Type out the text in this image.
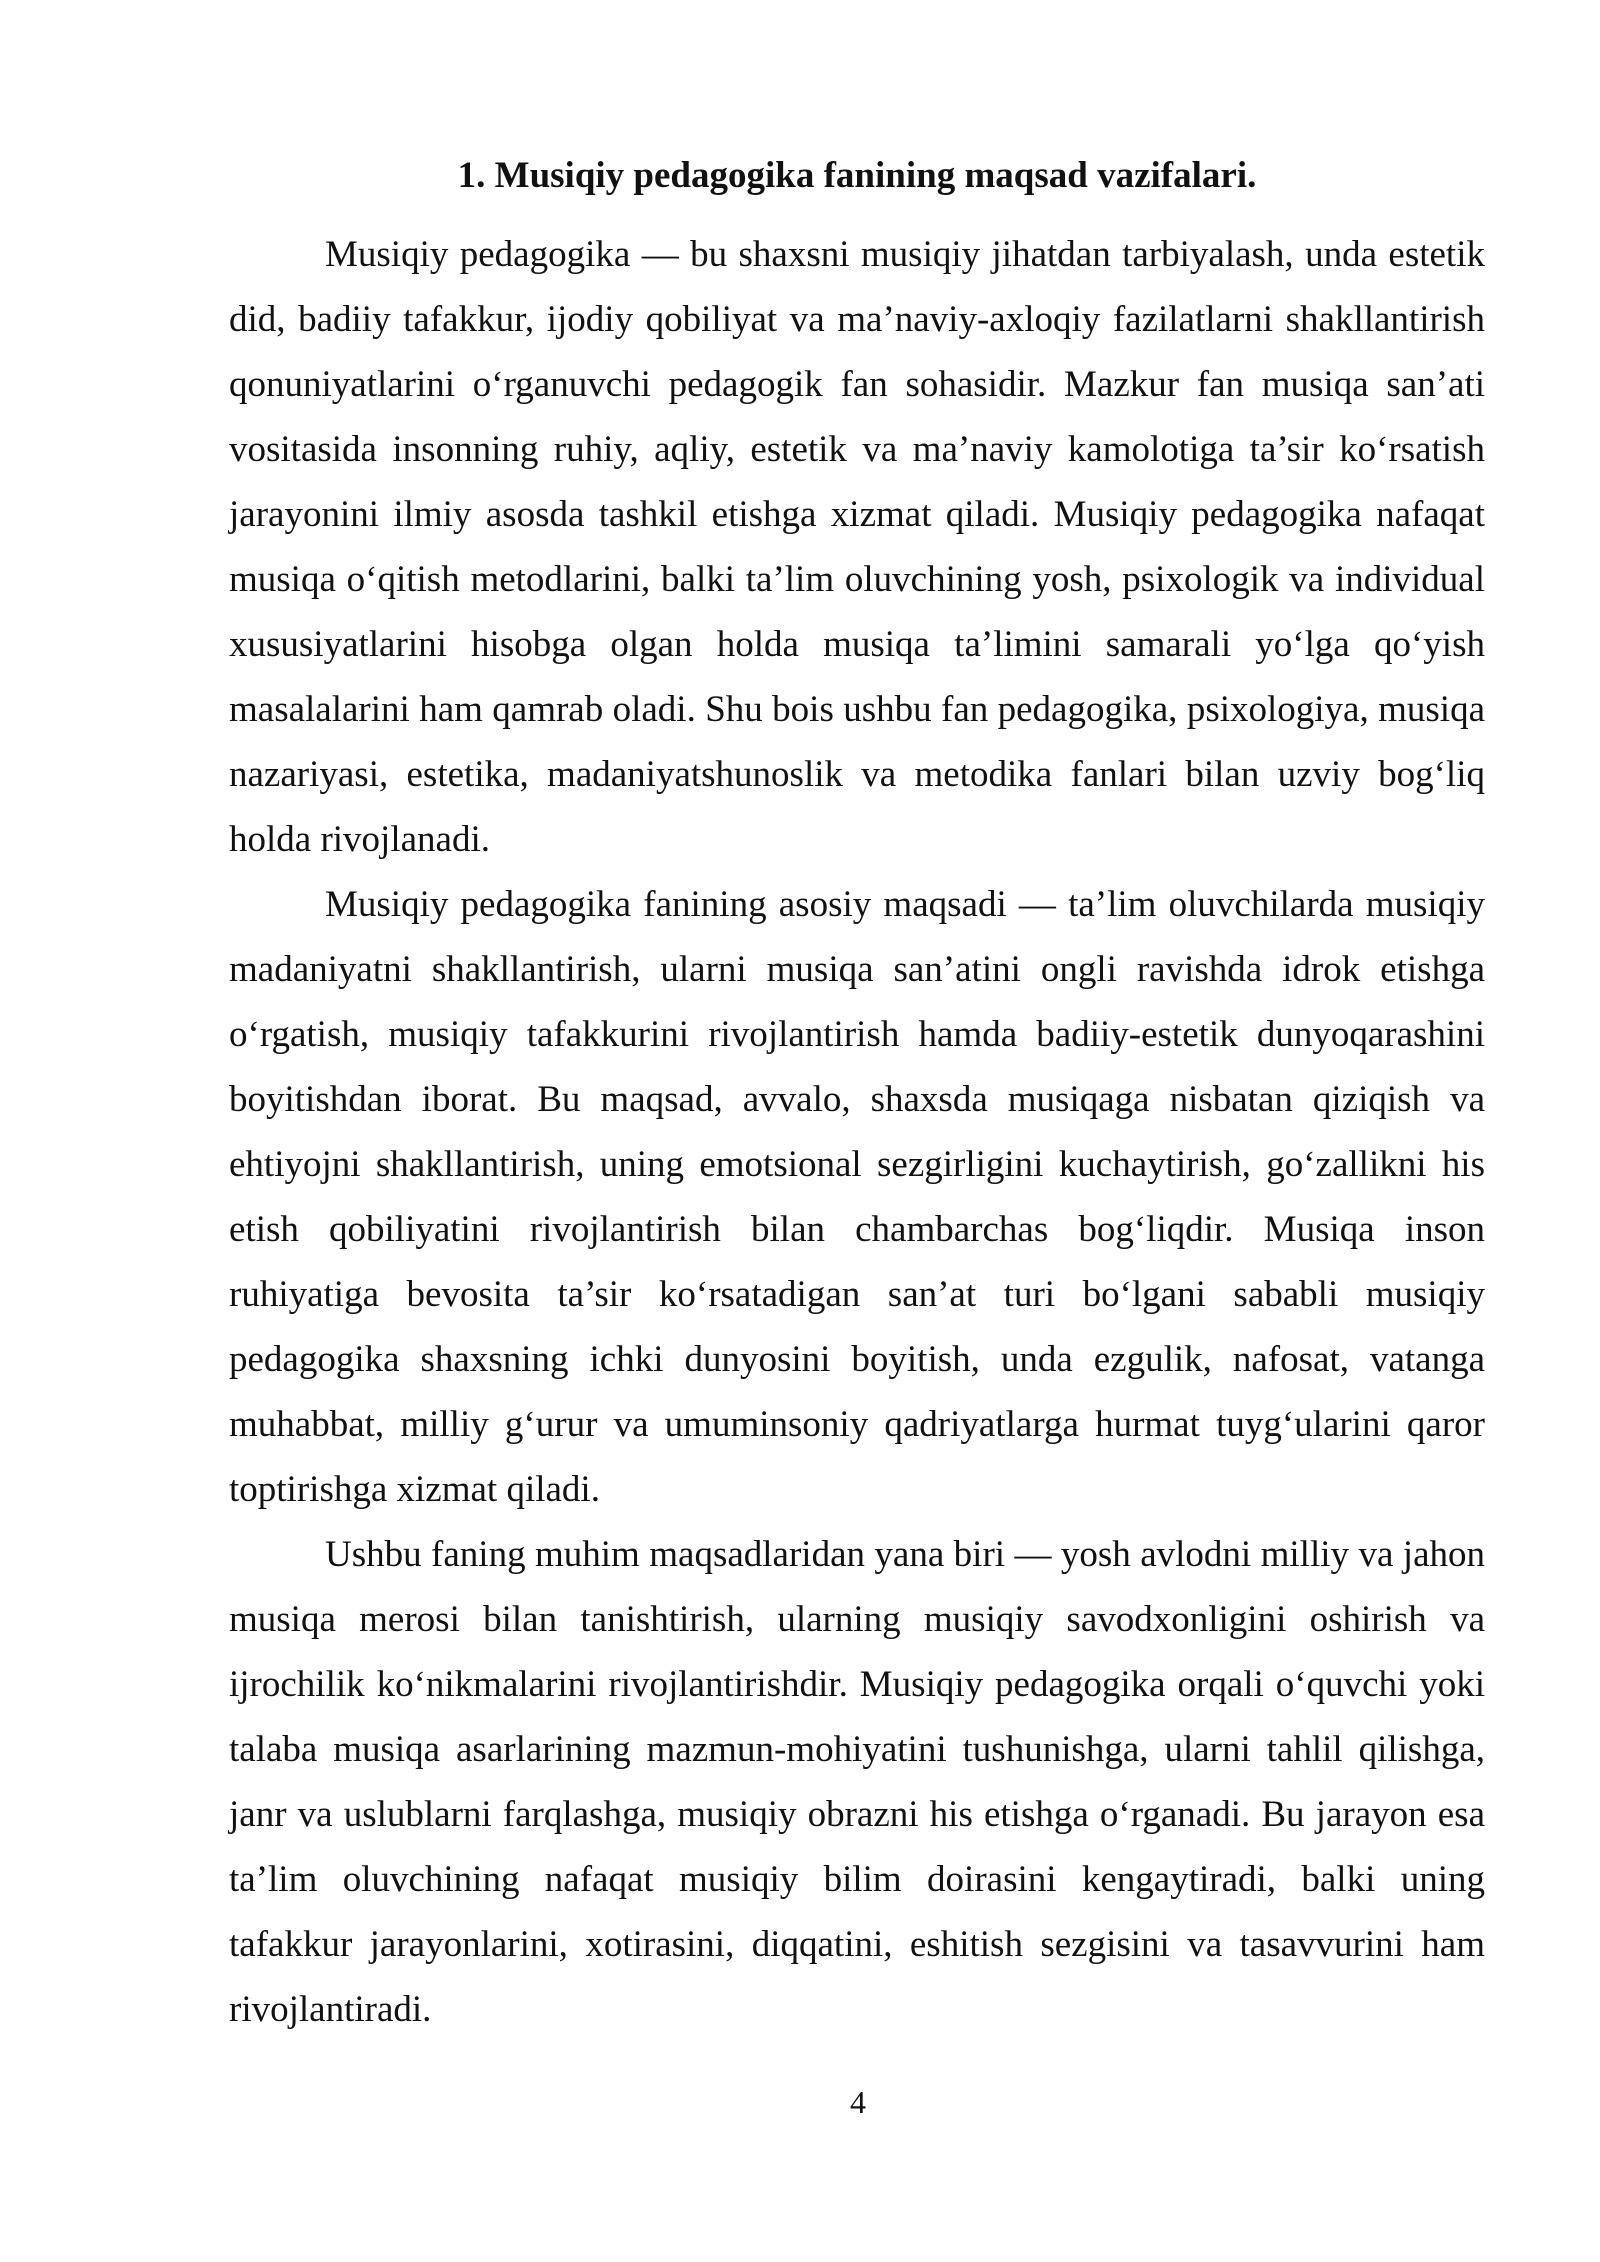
1. Musiqiy pedagogika fanining maqsad vazifalari.

Musiqiy pedagogika — bu shaxsni musiqiy jihatdan tarbiyalash, unda estetik did, badiiy tafakkur, ijodiy qobiliyat va ma’naviy-axloqiy fazilatlarni shakllantirish qonuniyatlarini o‘rganuvchi pedagogik fan sohasidir. Mazkur fan musiqa san’ati vositasida insonning ruhiy, aqliy, estetik va ma’naviy kamolotiga ta’sir ko‘rsatish jarayonini ilmiy asosda tashkil etishga xizmat qiladi. Musiqiy pedagogika nafaqat musiqa o‘qitish metodlarini, balki ta’lim oluvchining yosh, psixologik va individual xususiyatlarini hisobga olgan holda musiqa ta’limini samarali yo‘lga qo‘yish masalalarini ham qamrab oladi. Shu bois ushbu fan pedagogika, psixologiya, musiqa nazariyasi, estetika, madaniyatshunoslik va metodika fanlari bilan uzviy bog‘liq holda rivojlanadi.

Musiqiy pedagogika fanining asosiy maqsadi — ta’lim oluvchilarda musiqiy madaniyatni shakllantirish, ularni musiqa san’atini ongli ravishda idrok etishga o‘rgatish, musiqiy tafakkurini rivojlantirish hamda badiiy-estetik dunyoqarashini boyitishdan iborat. Bu maqsad, avvalo, shaxsda musiqaga nisbatan qiziqish va ehtiyojni shakllantirish, uning emotsional sezgirligini kuchaytirish, go‘zallikni his etish qobiliyatini rivojlantirish bilan chambarchas bog‘liqdir. Musiqa inson ruhiyatiga bevosita ta’sir ko‘rsatadigan san’at turi bo‘lgani sababli musiqiy pedagogika shaxsning ichki dunyosini boyitish, unda ezgulik, nafosat, vatanga muhabbat, milliy g‘urur va umuminsoniy qadriyatlarga hurmat tuyg‘ularini qaror toptirishga xizmat qiladi.

Ushbu faning muhim maqsadlaridan yana biri — yosh avlodni milliy va jahon musiqa merosi bilan tanishtirish, ularning musiqiy savodxonligini oshirish va ijrochilik ko‘nikmalarini rivojlantirishdir. Musiqiy pedagogika orqali o‘quvchi yoki talaba musiqa asarlarining mazmun-mohiyatini tushunishga, ularni tahlil qilishga, janr va uslublarni farqlashga, musiqiy obrazni his etishga o‘rganadi. Bu jarayon esa ta’lim oluvchining nafaqat musiqiy bilim doirasini kengaytiradi, balki uning tafakkur jarayonlarini, xotirasini, diqqatini, eshitish sezgisini va tasavvurini ham rivojlantiradi.

4
